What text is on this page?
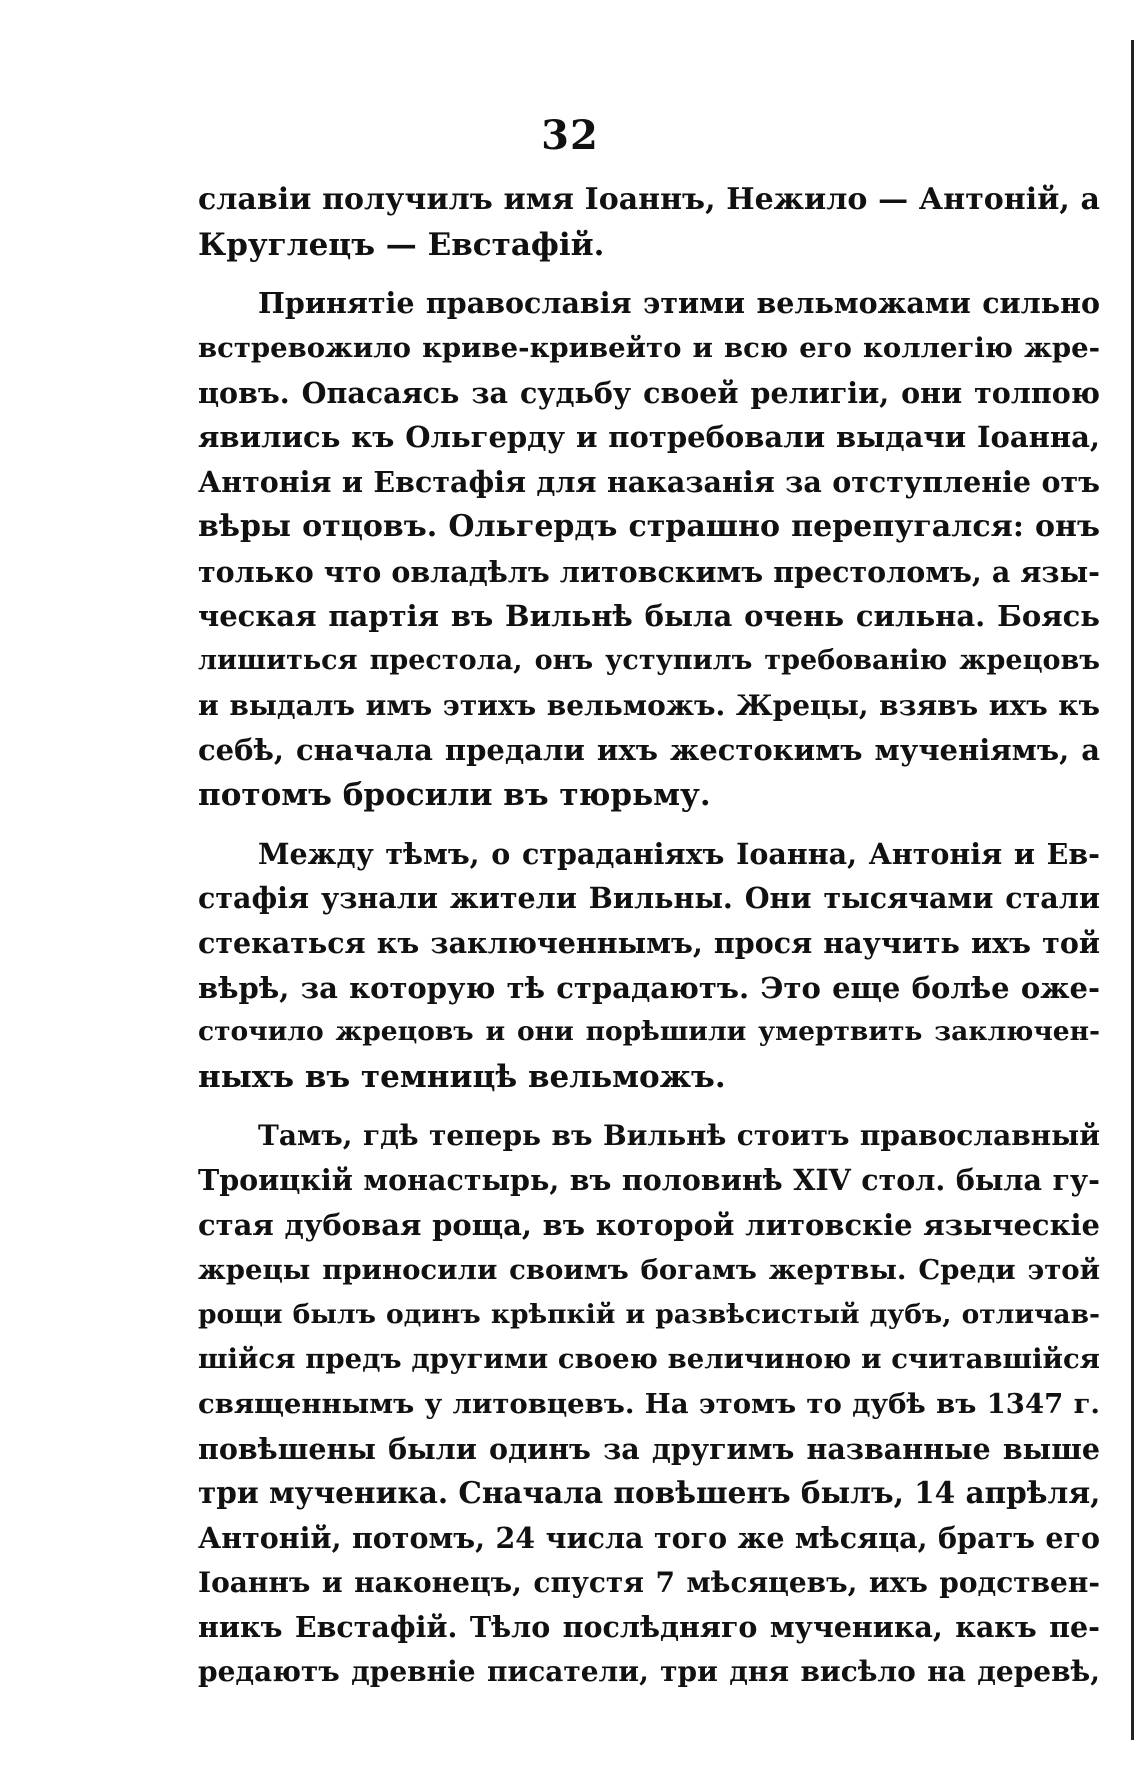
32
славіи получилъ имя Іоаннъ, Нежило — Антоній, а
Круглецъ — Евстафій.
Принятіе православія этими вельможами сильно
встревожило криве-кривейто и всю его коллегію жре-
цовъ. Опасаясь за судьбу своей религіи, они толпою
явились къ Ольгерду и потребовали выдачи Іоанна,
Антонія и Евстафія для наказанія за отступленіе отъ
вѣры отцовъ. Ольгердъ страшно перепугался: онъ
только что овладѣлъ литовскимъ престоломъ, а язы-
ческая партія въ Вильнѣ была очень сильна. Боясь
лишиться престола, онъ уступилъ требованію жрецовъ
и выдалъ имъ этихъ вельможъ. Жрецы, взявъ ихъ къ
себѣ, сначала предали ихъ жестокимъ мученіямъ, а
потомъ бросили въ тюрьму.
Между тѣмъ, о страданіяхъ Іоанна, Антонія и Ев-
стафія узнали жители Вильны. Они тысячами стали
стекаться къ заключеннымъ, прося научить ихъ той
вѣрѣ, за которую тѣ страдаютъ. Это еще болѣе оже-
сточило жрецовъ и они порѣшили умертвить заключен-
ныхъ въ темницѣ вельможъ.
Тамъ, гдѣ теперь въ Вильнѣ стоитъ православный
Троицкій монастырь, въ половинѣ XIV стол. была гу-
стая дубовая роща, въ которой литовскіе языческіе
жрецы приносили своимъ богамъ жертвы. Среди этой
рощи былъ одинъ крѣпкій и развѣсистый дубъ, отличав-
шійся предъ другими своею величиною и считавшійся
священнымъ у литовцевъ. На этомъ то дубѣ въ 1347 г.
повѣшены были одинъ за другимъ названные выше
три мученика. Сначала повѣшенъ былъ, 14 апрѣля,
Антоній, потомъ, 24 числа того же мѣсяца, братъ его
Іоаннъ и наконецъ, спустя 7 мѣсяцевъ, ихъ родствен-
никъ Евстафій. Тѣло послѣдняго мученика, какъ пе-
редаютъ древніе писатели, три дня висѣло на деревѣ,
